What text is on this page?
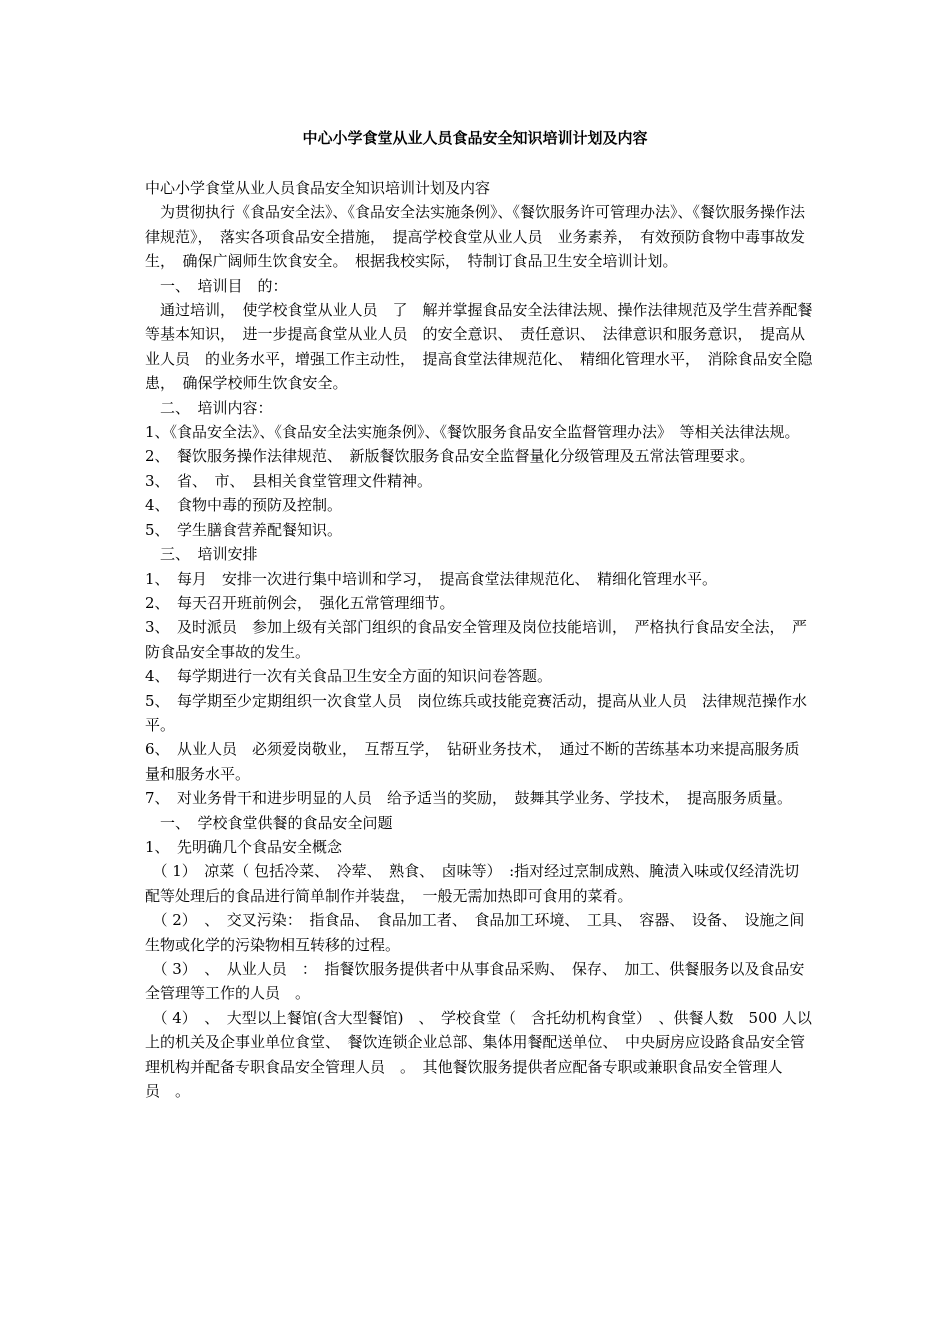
中心小学食堂从业人员食品安全知识培训计划及内容

中心小学食堂从业人员食品安全知识培训计划及内容

　为贯彻执行《食品安全法》、《食品安全法实施条例》、《餐饮服务许可管理办法》、《餐饮服务操作法律规范》，　落实各项食品安全措施，　提高学校食堂从业人员　业务素养，　有效预防食物中毒事故发生，　确保广阔师生饮食安全。　根据我校实际，　特制订食品卫生安全培训计划。

　一、　培训目　的：

　通过培训，　使学校食堂从业人员　了　解并掌握食品安全法律法规、操作法律规范及学生营养配餐等基本知识，　进一步提高食堂从业人员　的安全意识、　责任意识、　法律意识和服务意识，　提高从业人员　的业务水平，增强工作主动性，　提高食堂法律规范化、　精细化管理水平，　消除食品安全隐患，　确保学校师生饮食安全。

　二、　培训内容：

1、《食品安全法》、《食品安全法实施条例》、《餐饮服务食品安全监督管理办法》　等相关法律法规。

2、　餐饮服务操作法律规范、　新版餐饮服务食品安全监督量化分级管理及五常法管理要求。

3、　省、　市、　县相关食堂管理文件精神。

4、　食物中毒的预防及控制。

5、　学生膳食营养配餐知识。

　三、　培训安排

1、　每月　安排一次进行集中培训和学习，　提高食堂法律规范化、　精细化管理水平。

2、　每天召开班前例会，　强化五常管理细节。

3、　及时派员　参加上级有关部门组织的食品安全管理及岗位技能培训，　严格执行食品安全法，　严防食品安全事故的发生。

4、　每学期进行一次有关食品卫生安全方面的知识问卷答题。

5、　每学期至少定期组织一次食堂人员　岗位练兵或技能竞赛活动，提高从业人员　法律规范操作水平。

6、　从业人员　必须爱岗敬业，　互帮互学，　钻研业务技术，　通过不断的苦练基本功来提高服务质量和服务水平。

7、　对业务骨干和进步明显的人员　给予适当的奖励，　鼓舞其学业务、学技术，　提高服务质量。

　一、　学校食堂供餐的食品安全问题

1、　先明确几个食品安全概念

　（ 1）　凉菜（ 包括冷菜、　冷荤、　熟食、　卤味等）　:指对经过烹制成熟、腌渍入味或仅经清洗切配等处理后的食品进行简单制作并装盘，　一般无需加热即可食用的菜肴。

　（ 2）　、　交叉污染：　指食品、　食品加工者、　食品加工环境、　工具、　容器、　设备、　设施之间生物或化学的污染物相互转移的过程。

　（ 3）　、　从业人员　：　指餐饮服务提供者中从事食品采购、　保存、　加工、供餐服务以及食品安全管理等工作的人员　。

　（ 4）　、　大型以上餐馆(含大型餐馆)　、　学校食堂（　含托幼机构食堂）　、供餐人数　500 人以上的机关及企事业单位食堂、　餐饮连锁企业总部、集体用餐配送单位、　中央厨房应设路食品安全管理机构并配备专职食品安全管理人员　。　其他餐饮服务提供者应配备专职或兼职食品安全管理人员　。
